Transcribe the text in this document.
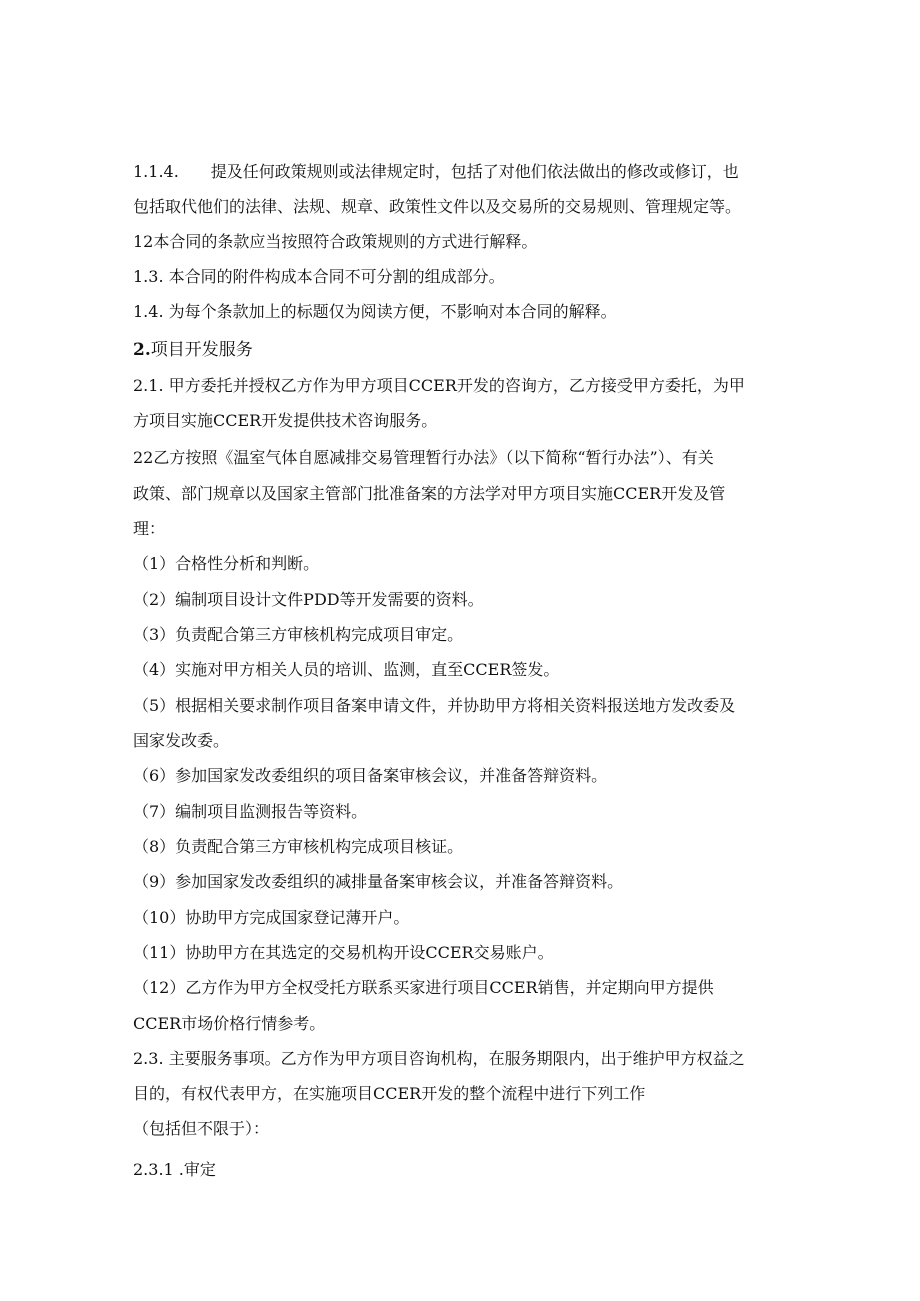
1.1.4.　　提及任何政策规则或法律规定时，包括了对他们依法做出的修改或修订，也
包括取代他们的法律、法规、规章、政策性文件以及交易所的交易规则、管理规定等。
12本合同的条款应当按照符合政策规则的方式进行解释。
1.3. 本合同的附件构成本合同不可分割的组成部分。
1.4. 为每个条款加上的标题仅为阅读方便，不影响对本合同的解释。
2.项目开发服务
2.1. 甲方委托并授权乙方作为甲方项目CCER开发的咨询方，乙方接受甲方委托，为甲
方项目实施CCER开发提供技术咨询服务。
22乙方按照《温室气体自愿减排交易管理暂行办法》（以下简称“暂行办法”）、有关
政策、部门规章以及国家主管部门批准备案的方法学对甲方项目实施CCER开发及管
理：
（1）合格性分析和判断。
（2）编制项目设计文件PDD等开发需要的资料。
（3）负责配合第三方审核机构完成项目审定。
（4）实施对甲方相关人员的培训、监测，直至CCER签发。
（5）根据相关要求制作项目备案申请文件，并协助甲方将相关资料报送地方发改委及
国家发改委。
（6）参加国家发改委组织的项目备案审核会议，并准备答辩资料。
（7）编制项目监测报告等资料。
（8）负责配合第三方审核机构完成项目核证。
（9）参加国家发改委组织的减排量备案审核会议，并准备答辩资料。
（10）协助甲方完成国家登记薄开户。
（11）协助甲方在其选定的交易机构开设CCER交易账户。
（12）乙方作为甲方全权受托方联系买家进行项目CCER销售，并定期向甲方提供
CCER市场价格行情参考。
2.3. 主要服务事项。乙方作为甲方项目咨询机构，在服务期限内，出于维护甲方权益之
目的，有权代表甲方，在实施项目CCER开发的整个流程中进行下列工作
（包括但不限于）：
2.3.1 .审定
